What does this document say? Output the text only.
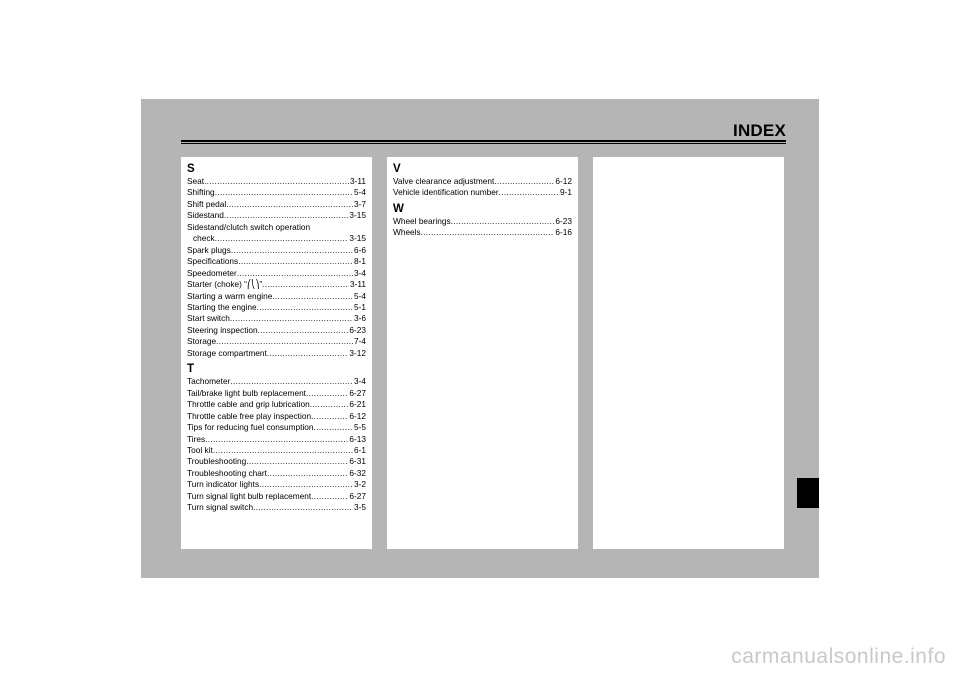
INDEX
S
Seat .....	3-11
Shifting .....	5-4
Shift pedal .....	3-7
Sidestand .....	3-15
Sidestand/clutch switch operation
check .....	3-15
Spark plugs .....	6-6
Specifications .....	8-1
Speedometer .....	3-4
Starter (choke) “⎛⎝⎞” .....	3-11
Starting a warm engine .....	5-4
Starting the engine .....	5-1
Start switch .....	3-6
Steering inspection .....	6-23
Storage .....	7-4
Storage compartment .....	3-12
T
Tachometer .....	3-4
Tail/brake light bulb replacement .....	6-27
Throttle cable and grip lubrication .....	6-21
Throttle cable free play inspection .....	6-12
Tips for reducing fuel consumption .....	5-5
Tires .....	6-13
Tool kit .....	6-1
Troubleshooting .....	6-31
Troubleshooting chart .....	6-32
Turn indicator lights .....	3-2
Turn signal light bulb replacement .....	6-27
Turn signal switch .....	3-5
V
Valve clearance adjustment .....	6-12
Vehicle identification number .....	9-1
W
Wheel bearings .....	6-23
Wheels .....	6-16
carmanualsonline.info
